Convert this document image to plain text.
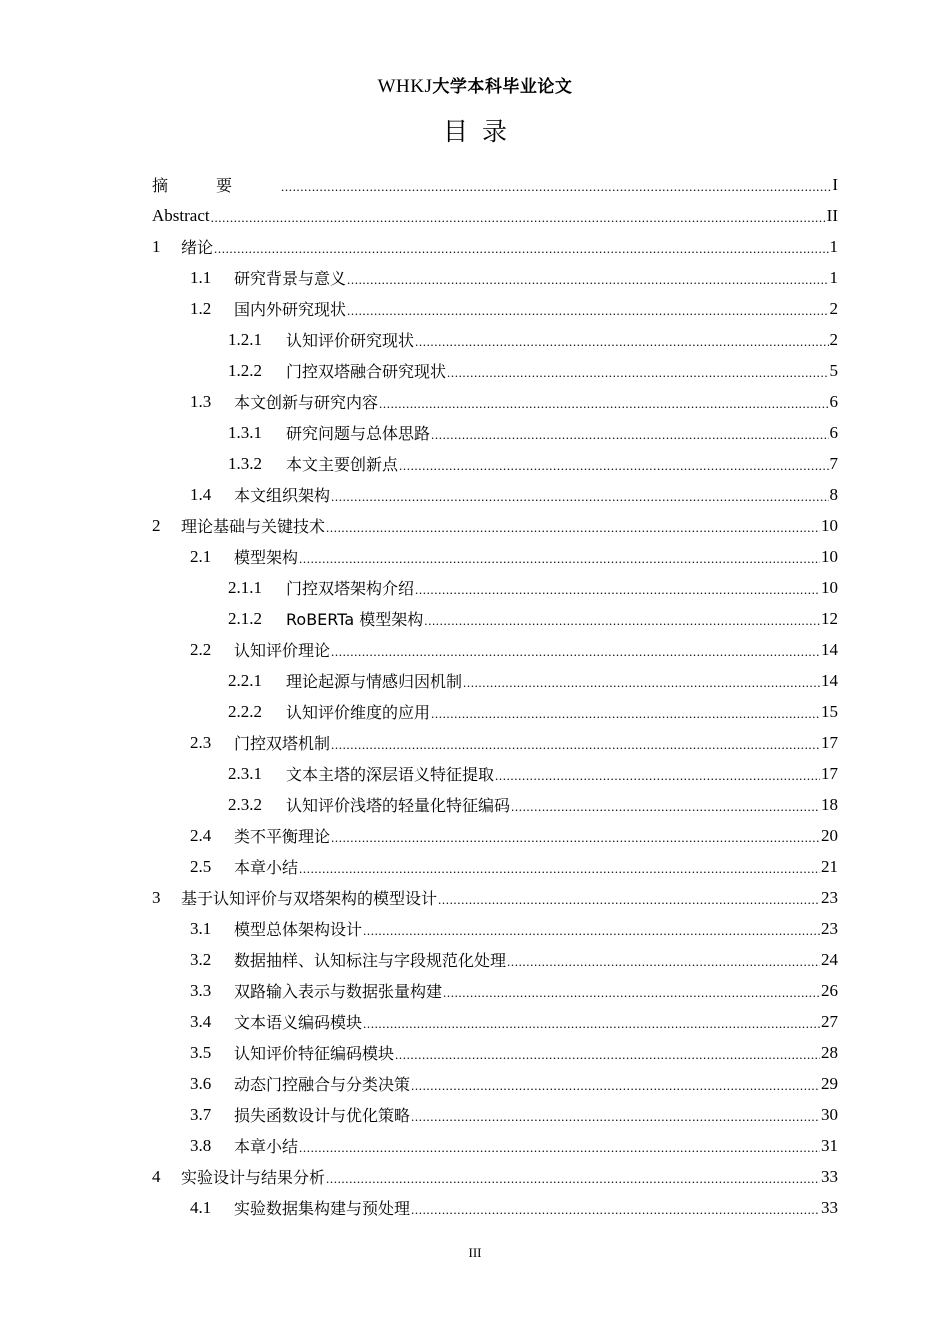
WHKJ大学本科毕业论文
目录
摘要 .....	I
Abstract .....	II
1	绪论 .....	1
1.1	研究背景与意义 .....	1
1.2	国内外研究现状 .....	2
1.2.1	认知评价研究现状 .....	2
1.2.2	门控双塔融合研究现状 .....	5
1.3	本文创新与研究内容 .....	6
1.3.1	研究问题与总体思路 .....	6
1.3.2	本文主要创新点 .....	7
1.4	本文组织架构 .....	8
2	理论基础与关键技术 .....	10
2.1	模型架构 .....	10
2.1.1	门控双塔架构介绍 .....	10
2.1.2	RoBERTa 模型架构 .....	12
2.2	认知评价理论 .....	14
2.2.1	理论起源与情感归因机制 .....	14
2.2.2	认知评价维度的应用 .....	15
2.3	门控双塔机制 .....	17
2.3.1	文本主塔的深层语义特征提取 .....	17
2.3.2	认知评价浅塔的轻量化特征编码 .....	18
2.4	类不平衡理论 .....	20
2.5	本章小结 .....	21
3	基于认知评价与双塔架构的模型设计 .....	23
3.1	模型总体架构设计 .....	23
3.2	数据抽样、认知标注与字段规范化处理 .....	24
3.3	双路输入表示与数据张量构建 .....	26
3.4	文本语义编码模块 .....	27
3.5	认知评价特征编码模块 .....	28
3.6	动态门控融合与分类决策 .....	29
3.7	损失函数设计与优化策略 .....	30
3.8	本章小结 .....	31
4	实验设计与结果分析 .....	33
4.1	实验数据集构建与预处理 .....	33
III
